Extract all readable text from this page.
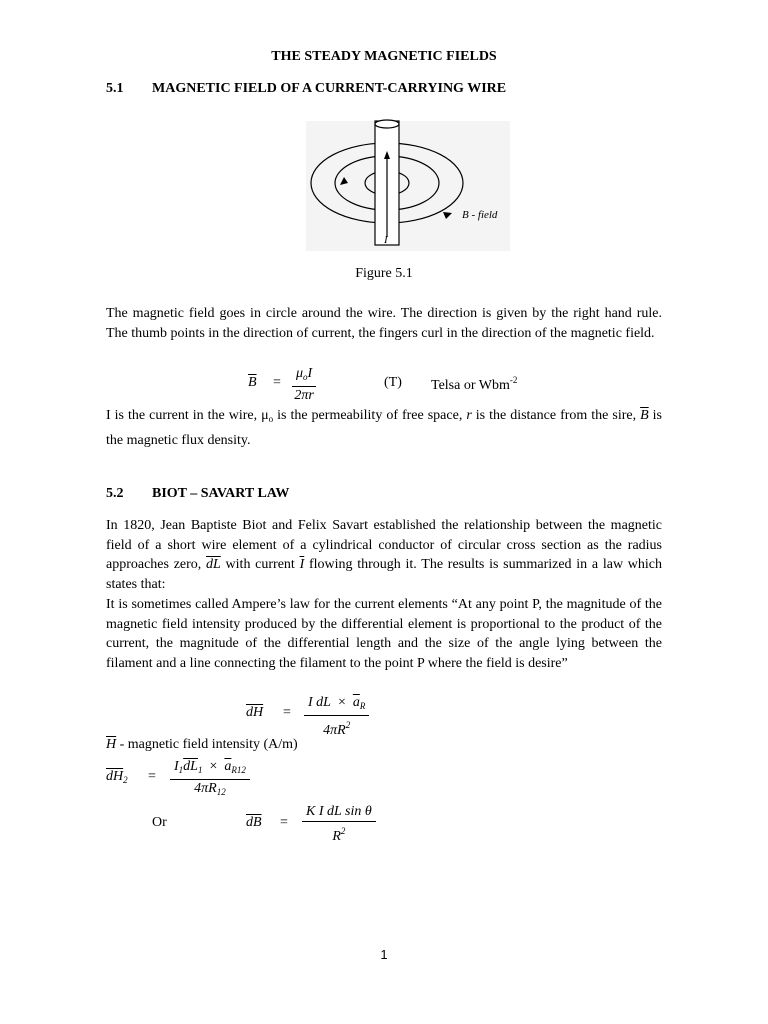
THE STEADY MAGNETIC FIELDS
5.1 MAGNETIC FIELD OF A CURRENT-CARRYING WIRE
B - field
I
Figure 5.1
The magnetic field goes in circle around the wire. The direction is given by the right hand rule. The thumb points in the direction of current, the fingers curl in the direction of the magnetic field.
$\overline{B}$ =
$\mu_oI$
2πr
(T) Telsa or Wbm$^{-2}$
I is the current in the wire, $\mu_o$ is the permeability of free space, r is the distance from the sire, $\overline{B}$ is the magnetic flux density.
5.2 BIOT – SAVART LAW
In 1820, Jean Baptiste Biot and Felix Savart established the relationship between the magnetic field of a short wire element of a cylindrical conductor of circular cross section as the radius approaches zero, $\overline{dL}$ with current $\overline{I}$ flowing through it. The results is summarized in a law which states that:
It is sometimes called Ampere’s law for the current elements “At any point P, the magnitude of the magnetic field intensity produced by the differential element is proportional to the product of the current, the magnitude of the differential length and the size of the angle lying between the filament and a line connecting the filament to the point P where the field is desire”
$\overline{dH} = \frac{I dL \times \overline{a}_R}{4\pi R^2}$
$\overline{H}$ - magnetic field intensity (A/m)
$\overline{dH}_2 = \frac{I_1\overline{dL}_1 \times \overline{a}_{R12}}{4\pi R_{12}}$
Or	$\overline{dB} = \frac{\text{K I dL sin θ}}{R^2}$
1
